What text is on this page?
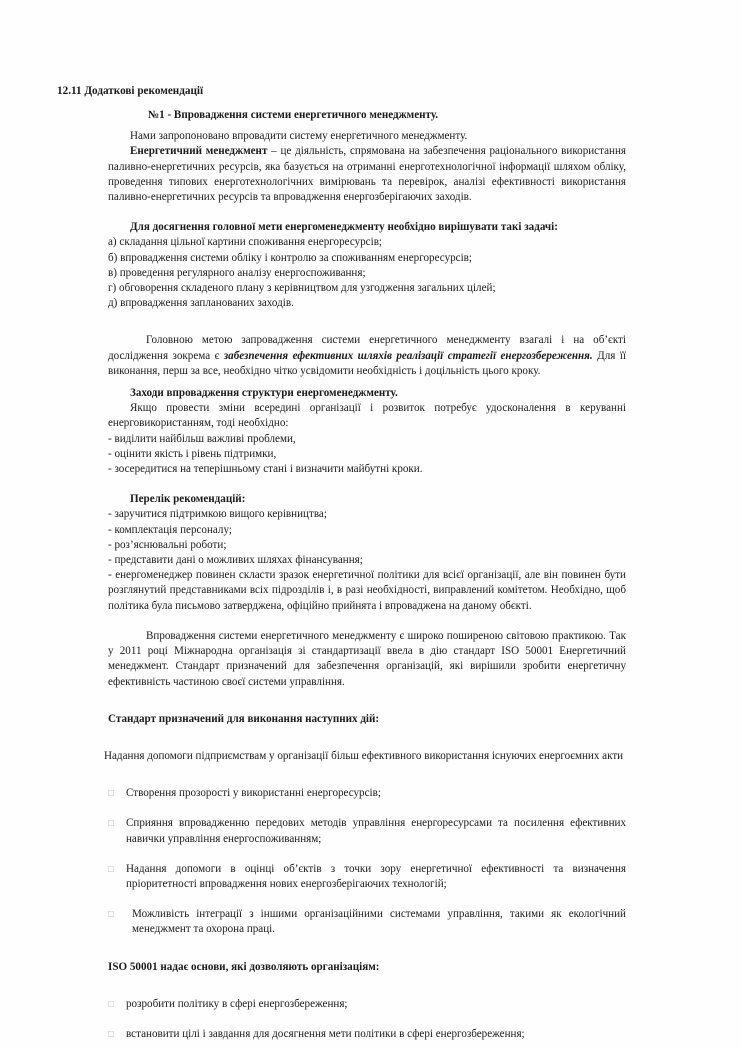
12.11 Додаткові рекомендації

№1 - Впровадження системи енергетичного менеджменту.

Нами запропоновано впровадити систему енергетичного менеджменту.

Енергетичний менеджмент – це діяльність, спрямована на забезпечення раціонального використання паливно-енергетичних ресурсів, яка базується на отриманні енерготехнологічної інформації шляхом обліку, проведення типових енерготехнологічних вимірювань та перевірок, аналізі ефективності використання паливно-енергетичних ресурсів та впровадження енергозберігаючих заходів.

Для досягнення головної мети енергоменеджменту необхідно вирішувати такі задачі:

а) складання цільної картини споживання енергоресурсів;
б) впровадження системи обліку і контролю за споживанням енергоресурсів;
в) проведення регулярного аналізу енергоспоживання;
г) обговорення складеного плану з керівництвом для узгодження загальних цілей;
д) впровадження запланованих заходів.

Головною метою запровадження системи енергетичного менеджменту взагалі і на об’єкті дослідження зокрема є забезпечення ефективних шляхів реалізації стратегії енергозбереження. Для її виконання, перш за все, необхідно чітко усвідомити необхідність і доцільність цього кроку.

Заходи впровадження структури енергоменеджменту.

Якщо провести зміни всередині організації і розвиток потребує удосконалення в керуванні енерговикористанням, тоді необхідно:

- виділити найбільш важливі проблеми,
- оцінити якість і рівень підтримки,
- зосередитися на теперішньому стані і визначити майбутні кроки.

Перелік рекомендацій:

- заручитися підтримкою вищого керівництва;
- комплектація персоналу;
- роз’яснювальні роботи;
- представити дані о можливих шляхах фінансування;

- енергоменеджер повинен скласти зразок енергетичної політики для всієї організації, але він повинен бути розглянутий представниками всіх підрозділів і, в разі необхідності, виправлений комітетом. Необхідно, щоб політика була письмово затверджена, офіційно прийнята і впроваджена на даному обєкті.

Впровадження системи енергетичного менеджменту є широко поширеною світовою практикою. Так у 2011 році Міжнародна організація зі стандартизації ввела в дію стандарт ISO 50001 Енергетичний менеджмент. Стандарт призначений для забезпечення організацій, які вирішили зробити енергетичну ефективність частиною своєї системи управління.

Стандарт призначений для виконання наступних дій:

Надання допомоги підприємствам у організації більш ефективного використання існуючих енергоємних акти

□ Створення прозорості у використанні енергоресурсів;
□ Сприяння впровадженню передових методів управління енергоресурсами та посилення ефективних навички управління енергоспоживанням;
□ Надання допомоги в оцінці об’єктів з точки зору енергетичної ефективності та визначення пріоритетності впровадження нових енергозберігаючих технологій;
□ Можливість інтеграції з іншими організаційними системами управління, такими як екологічний менеджмент та охорона праці.

ISO 50001 надає основи, які дозволяють організаціям:

□ розробити політику в сфері енергозбереження;
□ встановити цілі і завдання для досягнення мети політики в сфері енергозбереження;
